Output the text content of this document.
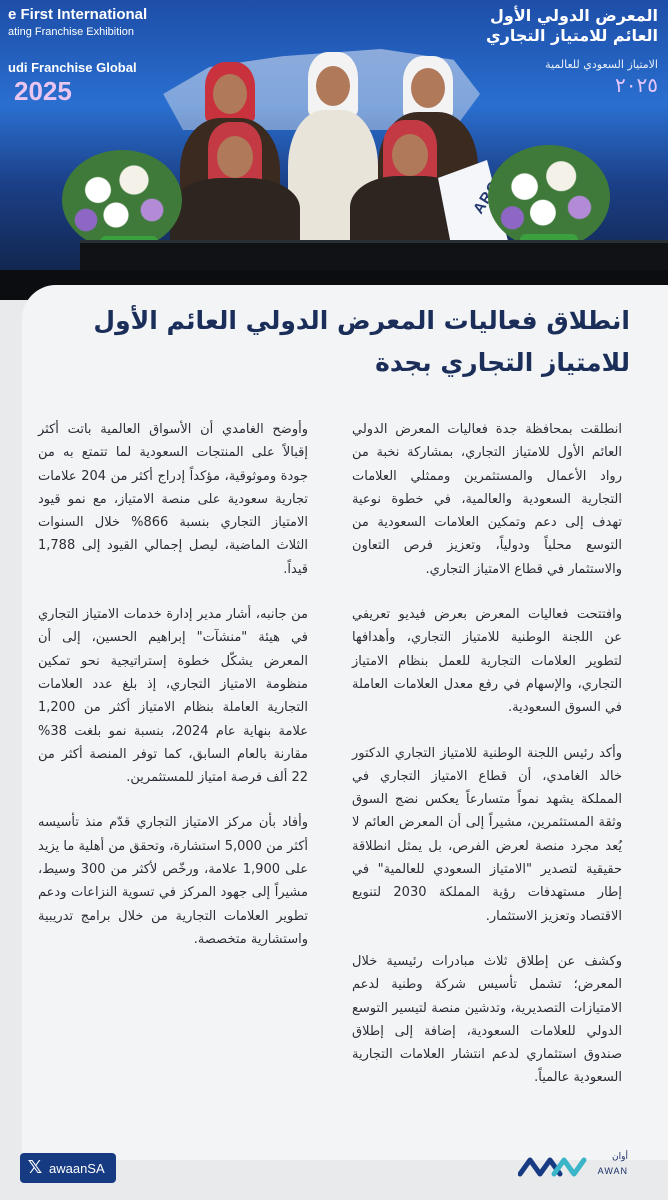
e First International
ating Franchise Exhibition
udi Franchise Global
2025
المعرض الدولي الأول
العائم للامتياز التجاري
الامتياز السعودي للعالمية
٢٠٢٥
انطلاق فعاليات المعرض الدولي العائم الأول للامتياز التجاري بجدة

انطلقت بمحافظة جدة فعاليات المعرض الدولي العائم الأول للامتياز التجاري، بمشاركة نخبة من رواد الأعمال والمستثمرين وممثلي العلامات التجارية السعودية والعالمية، في خطوة نوعية تهدف إلى دعم وتمكين العلامات السعودية من التوسع محلياً ودولياً، وتعزيز فرص التعاون والاستثمار في قطاع الامتياز التجاري.

وافتتحت فعاليات المعرض بعرض فيديو تعريفي عن اللجنة الوطنية للامتياز التجاري، وأهدافها لتطوير العلامات التجارية للعمل بنظام الامتياز التجاري، والإسهام في رفع معدل العلامات العاملة في السوق السعودية.

وأكد رئيس اللجنة الوطنية للامتياز التجاري الدكتور خالد الغامدي، أن قطاع الامتياز التجاري في المملكة يشهد نمواً متسارعاً يعكس نضج السوق وثقة المستثمرين، مشيراً إلى أن المعرض العائم لا يُعد مجرد منصة لعرض الفرص، بل يمثل انطلاقة حقيقية لتصدير "الامتياز السعودي للعالمية" في إطار مستهدفات رؤية المملكة 2030 لتنويع الاقتصاد وتعزيز الاستثمار.

وكشف عن إطلاق ثلاث مبادرات رئيسية خلال المعرض؛ تشمل تأسيس شركة وطنية لدعم الامتيازات التصديرية، وتدشين منصة لتيسير التوسع الدولي للعلامات السعودية، إضافة إلى إطلاق صندوق استثماري لدعم انتشار العلامات التجارية السعودية عالمياً.

وأوضح الغامدي أن الأسواق العالمية باتت أكثر إقبالاً على المنتجات السعودية لما تتمتع به من جودة وموثوقية، مؤكداً إدراج أكثر من 204 علامات تجارية سعودية على منصة الامتياز، مع نمو قيود الامتياز التجاري بنسبة 866% خلال السنوات الثلاث الماضية، ليصل إجمالي القيود إلى 1,788 قيداً.

من جانبه، أشار مدير إدارة خدمات الامتياز التجاري في هيئة "منشآت" إبراهيم الحسين، إلى أن المعرض يشكّل خطوة إستراتيجية نحو تمكين منظومة الامتياز التجاري، إذ بلغ عدد العلامات التجارية العاملة بنظام الامتياز أكثر من 1,200 علامة بنهاية عام 2024، بنسبة نمو بلغت 38% مقارنة بالعام السابق، كما توفر المنصة أكثر من 22 ألف فرصة امتياز للمستثمرين.

وأفاد بأن مركز الامتياز التجاري قدّم منذ تأسيسه أكثر من 5,000 استشارة، وتحقق من أهلية ما يزيد على 1,900 علامة، ورخّص لأكثر من 300 وسيط، مشيراً إلى جهود المركز في تسوية النزاعات ودعم تطوير العلامات التجارية من خلال برامج تدريبية واستشارية متخصصة.

𝕏 awaanSA
أوان
AWAN
